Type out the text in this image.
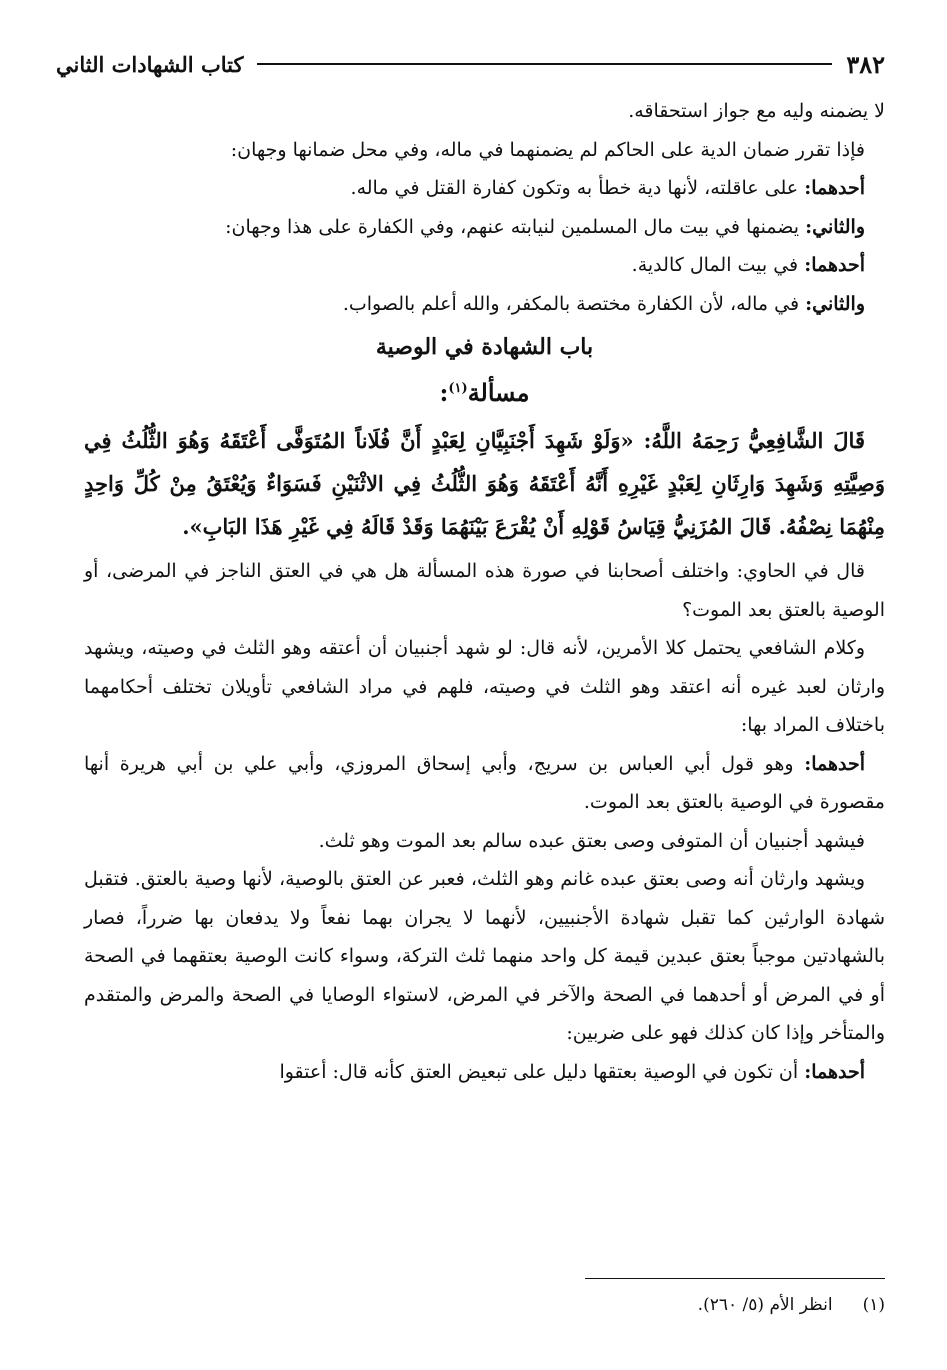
٣٨٢
كتاب الشهادات الثاني

لا يضمنه وليه مع جواز استحقاقه.

فإذا تقرر ضمان الدية على الحاكم لم يضمنهما في ماله، وفي محل ضمانها وجهان:

أحدهما: على عاقلته، لأنها دية خطأ به وتكون كفارة القتل في ماله.

والثاني: يضمنها في بيت مال المسلمين لنيابته عنهم، وفي الكفارة على هذا وجهان:

أحدهما: في بيت المال كالدية.

والثاني: في ماله، لأن الكفارة مختصة بالمكفر، والله أعلم بالصواب.

باب الشهادة في الوصية

مسألة$^{(١)}$:

قَالَ الشَّافِعِيُّ رَحِمَهُ اللَّهُ: «وَلَوْ شَهِدَ أَجْنَبِيَّانِ لِعَبْدٍ أَنَّ فُلَاناً المُتَوَفَّى أَعْتَقَهُ وَهُوَ الثُّلُثُ فِي وَصِيَّتِهِ وَشَهِدَ وَارِثَانِ لِعَبْدٍ غَيْرِهِ أَنَّهُ أَعْتَقَهُ وَهُوَ الثُّلُثُ فِي الاثْنَيْنِ فَسَوَاءٌ وَيُعْتَقُ مِنْ كُلِّ وَاحِدٍ مِنْهُمَا نِصْفُهُ. قَالَ المُزَنِيُّ قِيَاسُ قَوْلِهِ أَنْ يُقْرَعَ بَيْنَهُمَا وَقَدْ قَالَهُ فِي غَيْرِ هَذَا البَابِ».

قال في الحاوي: واختلف أصحابنا في صورة هذه المسألة هل هي في العتق الناجز في المرضى، أو الوصية بالعتق بعد الموت؟

وكلام الشافعي يحتمل كلا الأمرين، لأنه قال: لو شهد أجنبيان أن أعتقه وهو الثلث في وصيته، ويشهد وارثان لعبد غيره أنه اعتقد وهو الثلث في وصيته، فلهم في مراد الشافعي تأويلان تختلف أحكامهما باختلاف المراد بها:

أحدهما: وهو قول أبي العباس بن سريج، وأبي إسحاق المروزي، وأبي علي بن أبي هريرة أنها مقصورة في الوصية بالعتق بعد الموت.

فيشهد أجنبيان أن المتوفى وصى بعتق عبده سالم بعد الموت وهو ثلث.

ويشهد وارثان أنه وصى بعتق عبده غانم وهو الثلث، فعبر عن العتق بالوصية، لأنها وصية بالعتق. فتقبل شهادة الوارثين كما تقبل شهادة الأجنبيين، لأنهما لا يجران بهما نفعاً ولا يدفعان بها ضرراً، فصار بالشهادتين موجباً بعتق عبدين قيمة كل واحد منهما ثلث التركة، وسواء كانت الوصية بعتقهما في الصحة أو في المرض أو أحدهما في الصحة والآخر في المرض، لاستواء الوصايا في الصحة والمرض والمتقدم والمتأخر وإذا كان كذلك فهو على ضربين:

أحدهما: أن تكون في الوصية بعتقها دليل على تبعيض العتق كأنه قال: أعتقوا

(١)انظر الأم (٥/ ٢٦٠).
